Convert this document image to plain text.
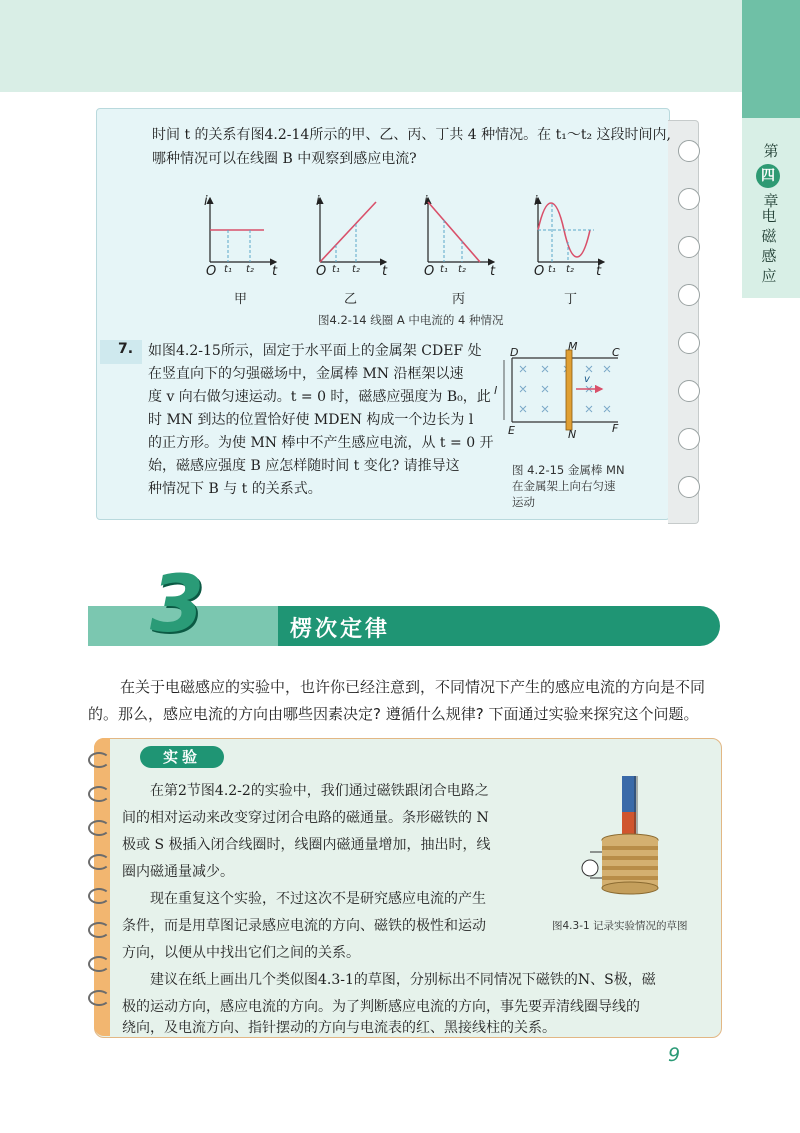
第
四
章
电磁感应
时间 t 的关系有图4.2-14所示的甲、乙、丙、丁共 4 种情况。在 t₁～t₂ 这段时间内,
哪种情况可以在线圈 B 中观察到感应电流?
i	i	i	i
O t₁ t₂ t	O t₁ t₂ t	O t₁ t₂ t	O t₁ t₂ t
甲	乙	丙	丁
图4.2-14 线圈 A 中电流的 4 种情况
7. 如图4.2-15所示，固定于水平面上的金属架 CDEF 处
在竖直向下的匀强磁场中，金属棒 MN 沿框架以速
度 v 向右做匀速运动。t = 0 时，磁感应强度为 B₀，此
时 MN 到达的位置恰好使 MDEN 构成一个边长为 l
的正方形。为使 MN 棒中不产生感应电流，从 t = 0 开
始，磁感应强度 B 应怎样随时间 t 变化? 请推导这
种情况下 B 与 t 的关系式。
D	M	C
E	N	F
l
v
图 4.2-15 金属棒 MN
在金属架上向右匀速
运动
3	楞次定律
在关于电磁感应的实验中，也许你已经注意到，不同情况下产生的感应电流的方向是不同的。那么，感应电流的方向由哪些因素决定? 遵循什么规律? 下面通过实验来探究这个问题。
实验
在第2节图4.2-2的实验中，我们通过磁铁跟闭合电路之
间的相对运动来改变穿过闭合电路的磁通量。条形磁铁的 N
极或 S 极插入闭合线圈时，线圈内磁通量增加，抽出时，线
圈内磁通量减少。
现在重复这个实验，不过这次不是研究感应电流的产生
条件，而是用草图记录感应电流的方向、磁铁的极性和运动
方向，以便从中找出它们之间的关系。
建议在纸上画出几个类似图4.3-1的草图，分别标出不同情况下磁铁的N、S极，磁
极的运动方向，感应电流的方向。为了判断感应电流的方向，事先要弄清线圈导线的
绕向，及电流方向、指针摆动的方向与电流表的红、黑接线柱的关系。
图4.3-1 记录实验情况的草图
9
